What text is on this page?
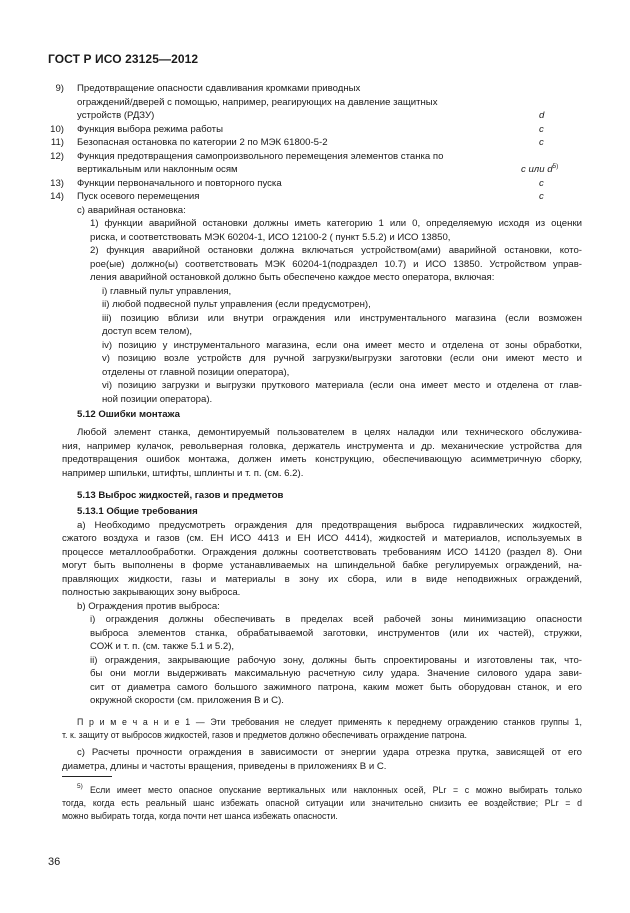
ГОСТ Р ИСО 23125—2012
9) Предотвращение опасности сдавливания кромками приводных
ограждений/дверей с помощью, например, реагирующих на давление защитных
устройств (РДЗУ)	d
10) Функция выбора режима работы	c
11) Безопасная остановка по категории 2 по МЭК 61800-5-2	c
12) Функция предотвращения самопроизвольного перемещения элементов станка по
вертикальным или наклонным осям	c или $d^{5)}$
13) Функции первоначального и повторного пуска	c
14) Пуск осевого перемещения	c
c) аварийная остановка:
1) функции аварийной остановки должны иметь категорию 1 или 0, определяемую исходя из оценки
риска, и соответствовать МЭК 60204-1, ИСО 12100-2 ( пункт 5.5.2) и ИСО 13850,
2) функция аварийной остановки должна включаться устройством(ами) аварийной остановки, кото-
рое(ые) должно(ы) соответствовать МЭК 60204-1(подраздел 10.7) и ИСО 13850. Устройством управ-
ления аварийной остановкой должно быть обеспечено каждое место оператора, включая:
i) главный пульт управления,
ii) любой подвесной пульт управления (если предусмотрен),
iii) позицию вблизи или внутри ограждения или инструментального магазина (если возможен
доступ всем телом),
iv) позицию у инструментального магазина, если она имеет место и отделена от зоны обработки,
v) позицию возле устройств для ручной загрузки/выгрузки заготовки (если они имеют место и
отделены от главной позиции оператора),
vi) позицию загрузки и выгрузки пруткового материала (если она имеет место и отделена от глав-
ной позиции оператора).
5.12 Ошибки монтажа
Любой элемент станка, демонтируемый пользователем в целях наладки или технического обслужива-
ния, например кулачок, револьверная головка, держатель инструмента и др. механические устройства для
предотвращения ошибок монтажа, должен иметь конструкцию, обеспечивающую асимметричную сборку,
например шпильки, штифты, шплинты и т. п. (см. 6.2).
5.13 Выброс жидкостей, газов и предметов
5.13.1 Общие требования
а) Необходимо предусмотреть ограждения для предотвращения выброса гидравлических жидкостей,
сжатого воздуха и газов (см. ЕН ИСО 4413 и ЕН ИСО 4414), жидкостей и материалов, используемых в
процессе металлообработки. Ограждения должны соответствовать требованиям ИСО 14120 (раздел 8). Они
могут быть выполнены в форме устанавливаемых на шпиндельной бабке регулируемых ограждений, на-
правляющих жидкости, газы и материалы в зону их сбора, или в виде неподвижных ограждений,
полностью закрывающих зону выброса.
b) Ограждения против выброса:
i) ограждения должны обеспечивать в пределах всей рабочей зоны минимизацию опасности
выброса элементов станка, обрабатываемой заготовки, инструментов (или их частей), стружки,
СОЖ и т. п. (см. также 5.1 и 5.2),
ii) ограждения, закрывающие рабочую зону, должны быть спроектированы и изготовлены так, что-
бы они могли выдерживать максимальную расчетную силу удара. Значение силового удара зави-
сит от диаметра самого большого зажимного патрона, каким может быть оборудован станок, и его
окружной скорости (см. приложения В и С).
П р и м е ч а н и е 1 — Эти требования не следует применять к переднему ограждению станков группы 1,
т. к. защиту от выбросов жидкостей, газов и предметов должно обеспечивать ограждение патрона.
с) Расчеты прочности ограждения в зависимости от энергии удара отрезка прутка, зависящей от его
диаметра, длины и частоты вращения, приведены в приложениях В и С.
5) Если имеет место опасное опускание вертикальных или наклонных осей, PLr = c можно выбирать только
тогда, когда есть реальный шанс избежать опасной ситуации или значительно снизить ее воздействие; PLr = d
можно выбирать тогда, когда почти нет шанса избежать опасности.
36
